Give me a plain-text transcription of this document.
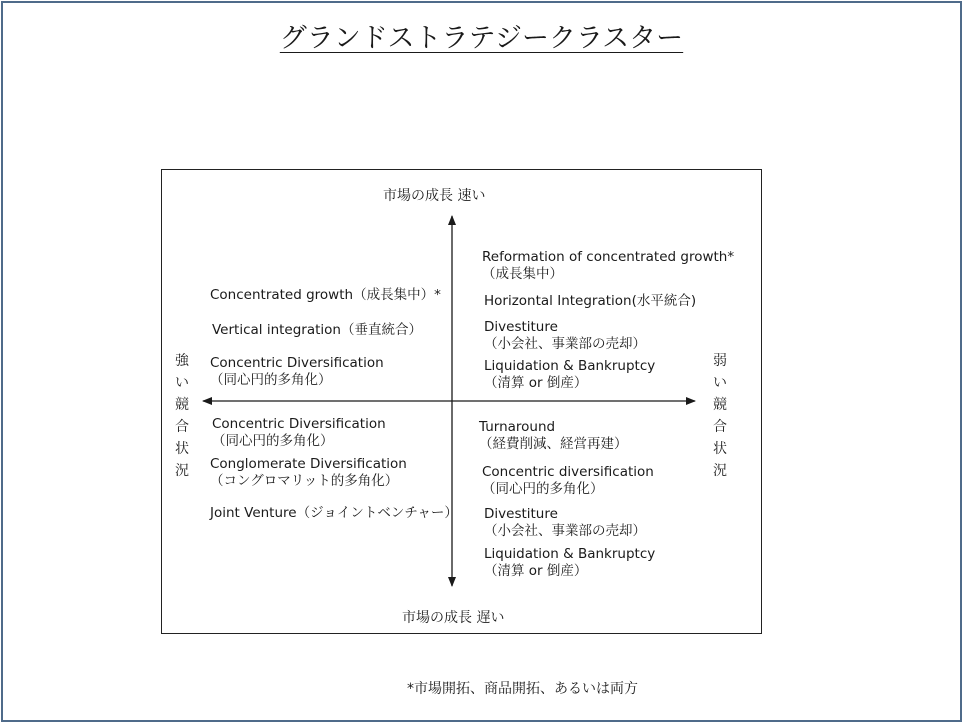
グランドストラテジークラスター
市場の成長 速い
市場の成長 遅い
強
い
競
合
状
況
弱
い
競
合
状
況
Concentrated growth（成長集中）*
Vertical integration（垂直統合）
Concentric Diversification
（同心円的多角化）
Reformation of concentrated growth*
（成長集中）
Horizontal Integration(水平統合)
Divestiture
（小会社、事業部の売却）
Liquidation & Bankruptcy
（清算 or 倒産）
Concentric Diversification
（同心円的多角化）
Conglomerate Diversification
（コングロマリット的多角化）
Joint Venture（ジョイントベンチャー）
Turnaround
（経費削減、経営再建）
Concentric diversification
（同心円的多角化）
Divestiture
（小会社、事業部の売却）
Liquidation & Bankruptcy
（清算 or 倒産）
*市場開拓、商品開拓、あるいは両方
